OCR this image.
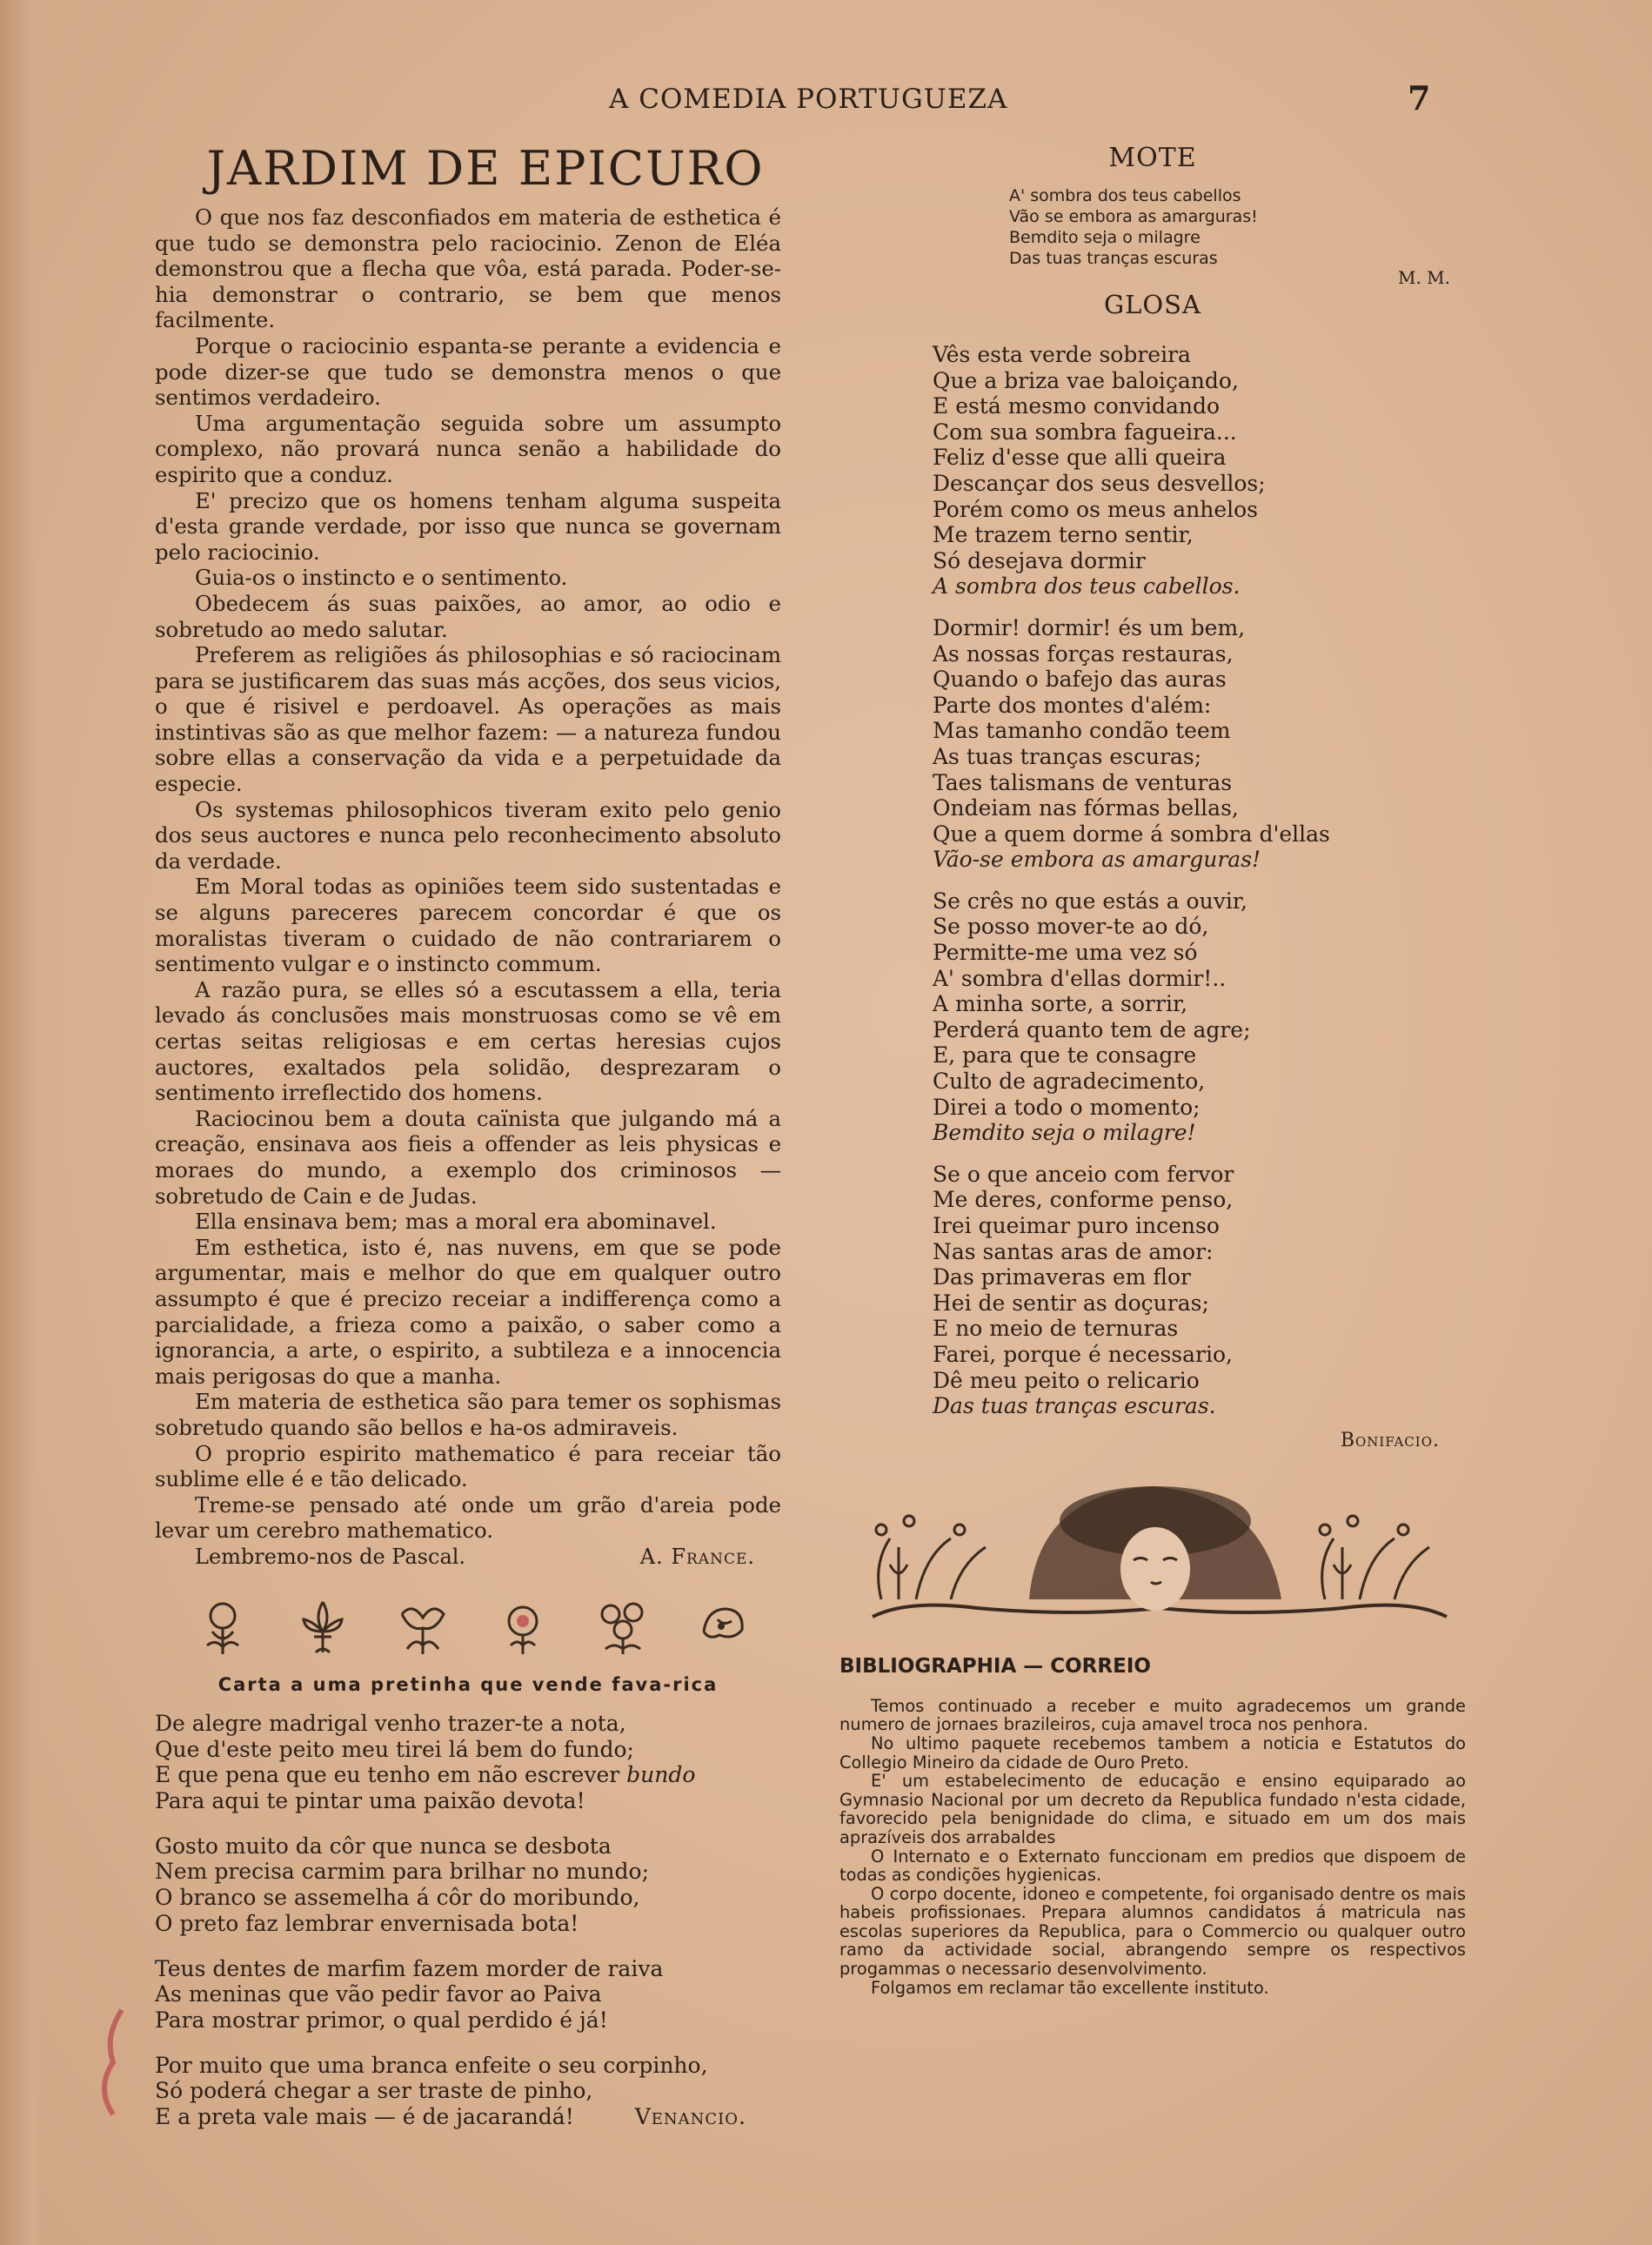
A COMEDIA PORTUGUEZA	7
JARDIM DE EPICURO

O que nos faz desconfiados em materia de esthetica é que tudo se demonstra pelo raciocinio. Zenon de Eléa demonstrou que a flecha que vôa, está parada. Poder-se-hia demonstrar o contrario, se bem que menos facilmente.

Porque o raciocinio espanta-se perante a evidencia e pode dizer-se que tudo se demonstra menos o que sentimos verdadeiro.

Uma argumentação seguida sobre um assumpto complexo, não provará nunca senão a habilidade do espirito que a conduz.

E' precizo que os homens tenham alguma suspeita d'esta grande verdade, por isso que nunca se governam pelo raciocinio.

Guia-os o instincto e o sentimento.

Obedecem ás suas paixões, ao amor, ao odio e sobretudo ao medo salutar.

Preferem as religiões ás philosophias e só raciocinam para se justificarem das suas más acções, dos seus vicios, o que é risivel e perdoavel. As operações as mais instintivas são as que melhor fazem: — a natureza fundou sobre ellas a conservação da vida e a perpetuidade da especie.

Os systemas philosophicos tiveram exito pelo genio dos seus auctores e nunca pelo reconhecimento absoluto da verdade.

Em Moral todas as opiniões teem sido sustentadas e se alguns pareceres parecem concordar é que os moralistas tiveram o cuidado de não contrariarem o sentimento vulgar e o instincto commum.

A razão pura, se elles só a escutassem a ella, teria levado ás conclusões mais monstruosas como se vê em certas seitas religiosas e em certas heresias cujos auctores, exaltados pela solidão, desprezaram o sentimento irreflectido dos homens.

Raciocinou bem a douta caïnista que julgando má a creação, ensinava aos fieis a offender as leis physicas e moraes do mundo, a exemplo dos criminosos — sobretudo de Cain e de Judas.

Ella ensinava bem; mas a moral era abominavel.

Em esthetica, isto é, nas nuvens, em que se pode argumentar, mais e melhor do que em qualquer outro assumpto é que é precizo receiar a indifferença como a parcialidade, a frieza como a paixão, o saber como a ignorancia, a arte, o espirito, a subtileza e a innocencia mais perigosas do que a manha.

Em materia de esthetica são para temer os sophismas sobretudo quando são bellos e ha-os admiraveis.

O proprio espirito mathematico é para receiar tão sublime elle é e tão delicado.

Treme-se pensado até onde um grão d'areia pode levar um cerebro mathematico.

Lembremo-nos de Pascal.	A. France.
Carta a uma pretinha que vende fava-rica
De alegre madrigal venho trazer-te a nota,
Que d'este peito meu tirei lá bem do fundo;
E que pena que eu tenho em não escrever bundo
Para aqui te pintar uma paixão devota!
Gosto muito da côr que nunca se desbota
Nem precisa carmim para brilhar no mundo;
O branco se assemelha á côr do moribundo,
O preto faz lembrar envernisada bota!
Teus dentes de marfim fazem morder de raiva
As meninas que vão pedir favor ao Paiva
Para mostrar primor, o qual perdido é já!
Por muito que uma branca enfeite o seu corpinho,
Só poderá chegar a ser traste de pinho,
E a preta vale mais — é de jacarandá!	Venancio.
MOTE
A' sombra dos teus cabellos
Vão se embora as amarguras!
Bemdito seja o milagre
Das tuas tranças escuras
M. M.
GLOSA
Vês esta verde sobreira
Que a briza vae baloiçando,
E está mesmo convidando
Com sua sombra fagueira...
Feliz d'esse que alli queira
Descançar dos seus desvellos;
Porém como os meus anhelos
Me trazem terno sentir,
Só desejava dormir
A sombra dos teus cabellos.
Dormir! dormir! és um bem,
As nossas forças restauras,
Quando o bafejo das auras
Parte dos montes d'além:
Mas tamanho condão teem
As tuas tranças escuras;
Taes talismans de venturas
Ondeiam nas fórmas bellas,
Que a quem dorme á sombra d'ellas
Vão-se embora as amarguras!
Se crês no que estás a ouvir,
Se posso mover-te ao dó,
Permitte-me uma vez só
A' sombra d'ellas dormir!..
A minha sorte, a sorrir,
Perderá quanto tem de agre;
E, para que te consagre
Culto de agradecimento,
Direi a todo o momento;
Bemdito seja o milagre!
Se o que anceio com fervor
Me deres, conforme penso,
Irei queimar puro incenso
Nas santas aras de amor:
Das primaveras em flor
Hei de sentir as doçuras;
E no meio de ternuras
Farei, porque é necessario,
Dê meu peito o relicario
Das tuas tranças escuras.
Bonifacio.
BIBLIOGRAPHIA — CORREIO

Temos continuado a receber e muito agradecemos um grande numero de jornaes brazileiros, cuja amavel troca nos penhora.

No ultimo paquete recebemos tambem a noticia e Estatutos do Collegio Mineiro da cidade de Ouro Preto.

E' um estabelecimento de educação e ensino equiparado ao Gymnasio Nacional por um decreto da Republica fundado n'esta cidade, favorecido pela benignidade do clima, e situado em um dos mais aprazíveis dos arrabaldes

O Internato e o Externato funccionam em predios que dispoem de todas as condições hygienicas.

O corpo docente, idoneo e competente, foi organisado dentre os mais habeis profissionaes. Prepara alumnos candidatos á matricula nas escolas superiores da Republica, para o Commercio ou qualquer outro ramo da actividade social, abrangendo sempre os respectivos progammas o necessario desenvolvimento.

Folgamos em reclamar tão excellente instituto.
